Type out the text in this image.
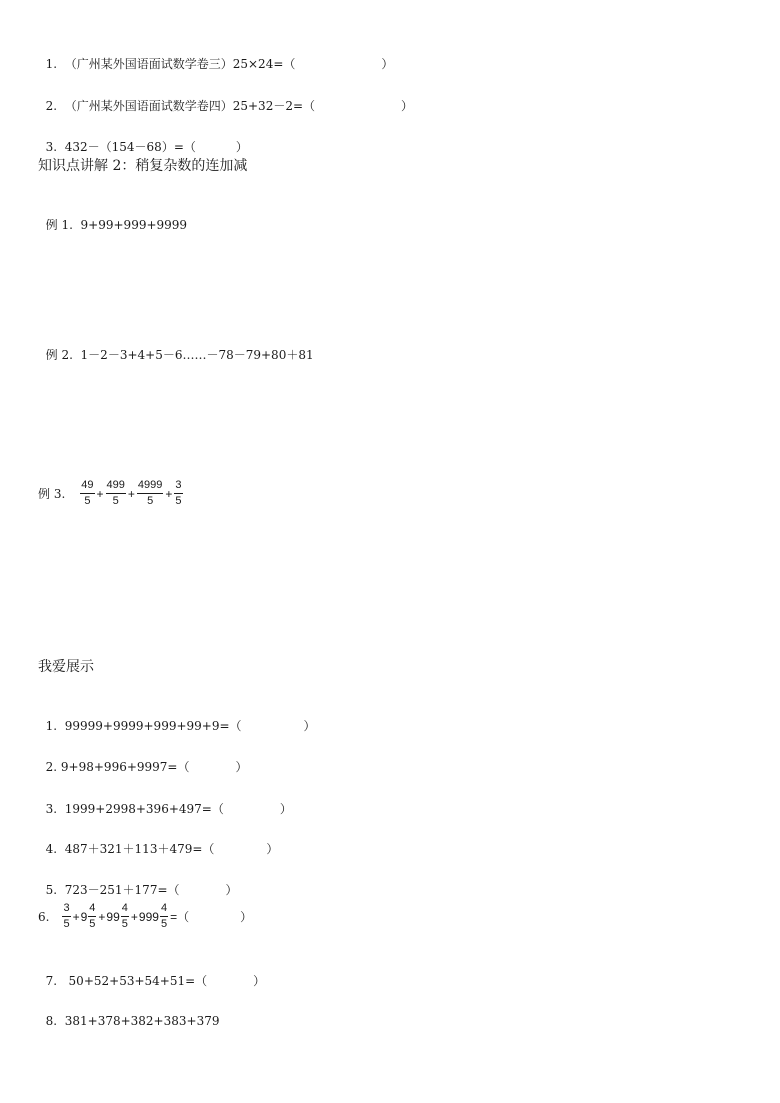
1. （广州某外国语面试数学卷三）25×24=（	）

2. （广州某外国语面试数学卷四）25+32－2=（	）

3. 432－（154－68）=（	）

知识点讲解 2：稍复杂数的连加减

例 1. 9+99+999+9999

例 2. 1－2－3+4+5－6……－78－79+80＋81

例 3. $\frac{49}{5} + \frac{499}{5} + \frac{4999}{5} + \frac{3}{5}$
我爱展示

1. 99999+9999+999+99+9=（	）

2. 9+98+996+9997=（	）

3. 1999+2998+396+497=（	）

4. 487＋321＋113＋479=（	）

5. 723－251＋177=（	）

6. $\frac{3}{5} + 9 \frac{4}{5} + 99 \frac{4}{5} + 999 \frac{4}{5}$ =（	）

7.   50+52+53+54+51=（	）

8. 381+378+382+383+379
